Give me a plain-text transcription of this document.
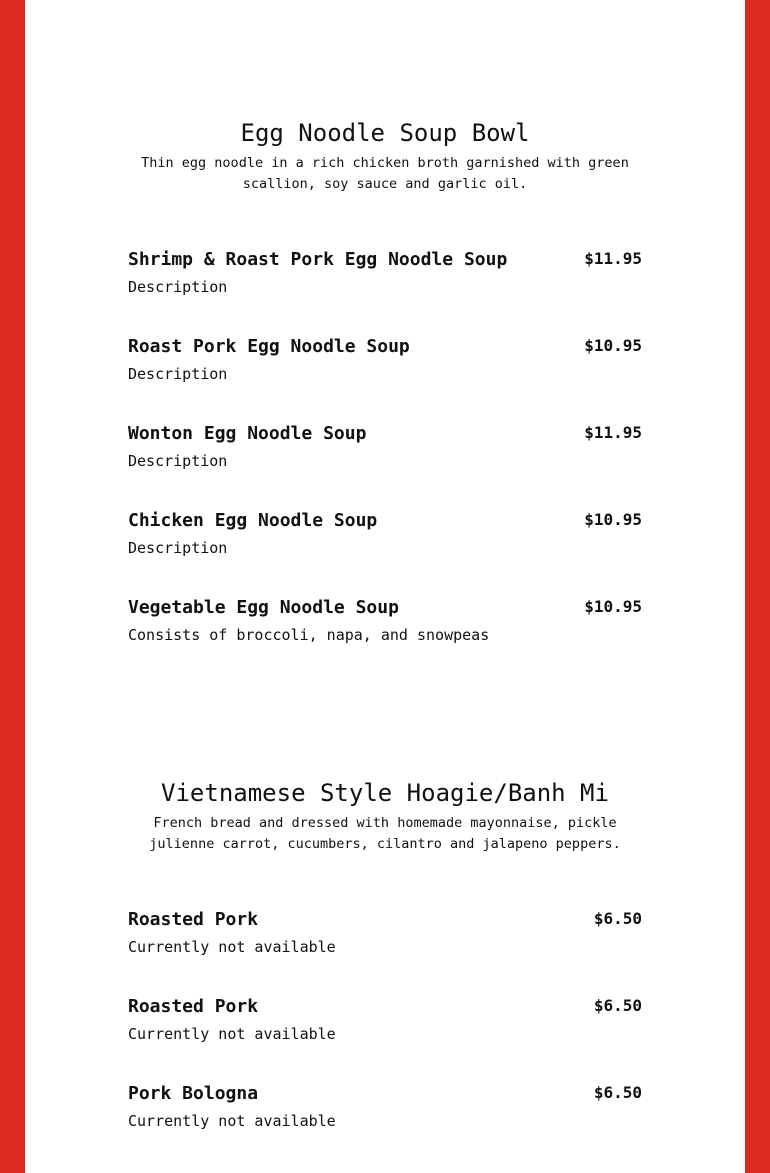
Egg Noodle Soup Bowl

Thin egg noodle in a rich chicken broth garnished with green scallion, soy sauce and garlic oil.

Shrimp & Roast Pork Egg Noodle Soup	$11.95
Description
Roast Pork Egg Noodle Soup	$10.95
Description
Wonton Egg Noodle Soup	$11.95
Description
Chicken Egg Noodle Soup	$10.95
Description
Vegetable Egg Noodle Soup	$10.95
Consists of broccoli, napa, and snowpeas
Vietnamese Style Hoagie/Banh Mi

French bread and dressed with homemade mayonnaise, pickle julienne carrot, cucumbers, cilantro and jalapeno peppers.

Roasted Pork	$6.50
Currently not available
Roasted Pork	$6.50
Currently not available
Pork Bologna	$6.50
Currently not available
